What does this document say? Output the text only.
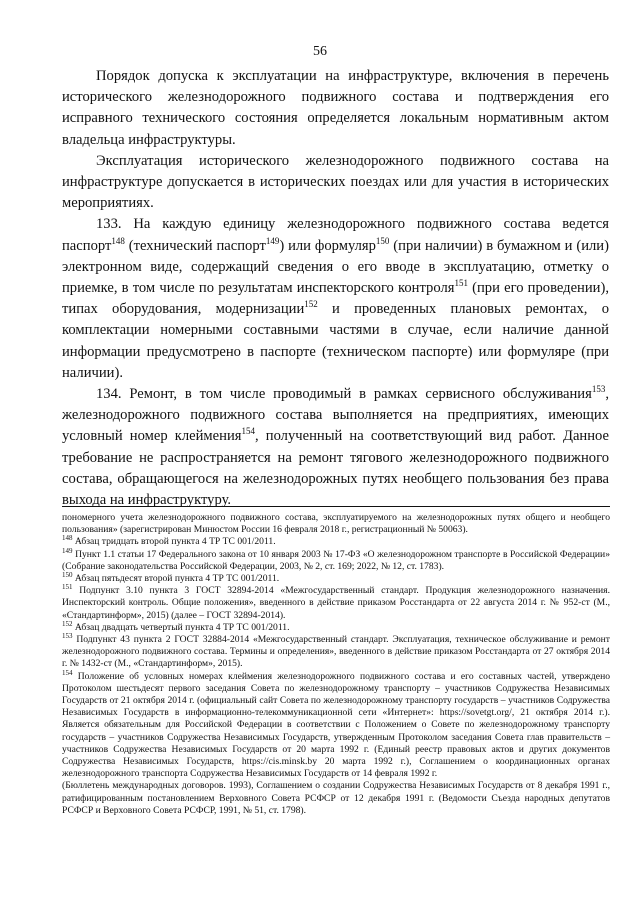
56

Порядок допуска к эксплуатации на инфраструктуре, включения в перечень исторического железнодорожного подвижного состава и подтверждения его исправного технического состояния определяется локальным нормативным актом владельца инфраструктуры.

Эксплуатация исторического железнодорожного подвижного состава на инфраструктуре допускается в исторических поездах или для участия в исторических мероприятиях.

133. На каждую единицу железнодорожного подвижного состава ведется паспорт$^{148}$ (технический паспорт$^{149}$) или формуляр$^{150}$ (при наличии) в бумажном и (или) электронном виде, содержащий сведения о его вводе в эксплуатацию, отметку о приемке, в том числе по результатам инспекторского контроля$^{151}$ (при его проведении), типах оборудования, модернизации$^{152}$ и проведенных плановых ремонтах, о комплектации номерными составными частями в случае, если наличие данной информации предусмотрено в паспорте (техническом паспорте) или формуляре (при наличии).

134. Ремонт, в том числе проводимый в рамках сервисного обслуживания$^{153}$, железнодорожного подвижного состава выполняется на предприятиях, имеющих условный номер клеймения$^{154}$, полученный на соответствующий вид работ. Данное требование не распространяется на ремонт тягового железнодорожного подвижного состава, обращающегося на железнодорожных путях необщего пользования без права выхода на инфраструктуру.

пономерного учета железнодорожного подвижного состава, эксплуатируемого на железнодорожных путях общего и необщего пользования» (зарегистрирован Минюстом России 16 февраля 2018 г., регистрационный № 50063).

$^{148}$ Абзац тридцать второй пункта 4 ТР ТС 001/2011.

$^{149}$ Пункт 1.1 статьи 17 Федерального закона от 10 января 2003 № 17-ФЗ «О железнодорожном транспорте в Российской Федерации» (Собрание законодательства Российской Федерации, 2003, № 2, ст. 169; 2022, № 12, ст. 1783).

$^{150}$ Абзац пятьдесят второй пункта 4 ТР ТС 001/2011.

$^{151}$ Подпункт 3.10 пункта 3 ГОСТ 32894-2014 «Межгосударственный стандарт. Продукция железнодорожного назначения. Инспекторский контроль. Общие положения», введенного в действие приказом Росстандарта от 22 августа 2014 г. № 952-ст (М., «Стандартинформ», 2015) (далее – ГОСТ 32894-2014).

$^{152}$ Абзац двадцать четвертый пункта 4 ТР ТС 001/2011.

$^{153}$ Подпункт 43 пункта 2 ГОСТ 32884-2014 «Межгосударственный стандарт. Эксплуатация, техническое обслуживание и ремонт железнодорожного подвижного состава. Термины и определения», введенного в действие приказом Росстандарта от 27 октября 2014 г. № 1432-ст (М., «Стандартинформ», 2015).

$^{154}$ Положение об условных номерах клеймения железнодорожного подвижного состава и его составных частей, утверждено Протоколом шестьдесят первого заседания Совета по железнодорожному транспорту – участников Содружества Независимых Государств от 21 октября 2014 г. (официальный сайт Совета по железнодорожному транспорту государств – участников Содружества Независимых Государств в информационно-телекоммуникационной сети «Интернет»: https://sovetgt.org/, 21 октября 2014 г.). Является обязательным для Российской Федерации в соответствии с Положением о Совете по железнодорожному транспорту государств – участников Содружества Независимых Государств, утвержденным Протоколом заседания Совета глав правительств – участников Содружества Независимых Государств от 20 марта 1992 г. (Единый реестр правовых актов и других документов Содружества Независимых Государств, https://cis.minsk.by 20 марта 1992 г.), Соглашением о координационных органах железнодорожного транспорта Содружества Независимых Государств от 14 февраля 1992 г.

(Бюллетень международных договоров. 1993), Соглашением о создании Содружества Независимых Государств от 8 декабря 1991 г., ратифицированным постановлением Верховного Совета РСФСР от 12 декабря 1991 г. (Ведомости Съезда народных депутатов РСФСР и Верховного Совета РСФСР, 1991, № 51, ст. 1798).
